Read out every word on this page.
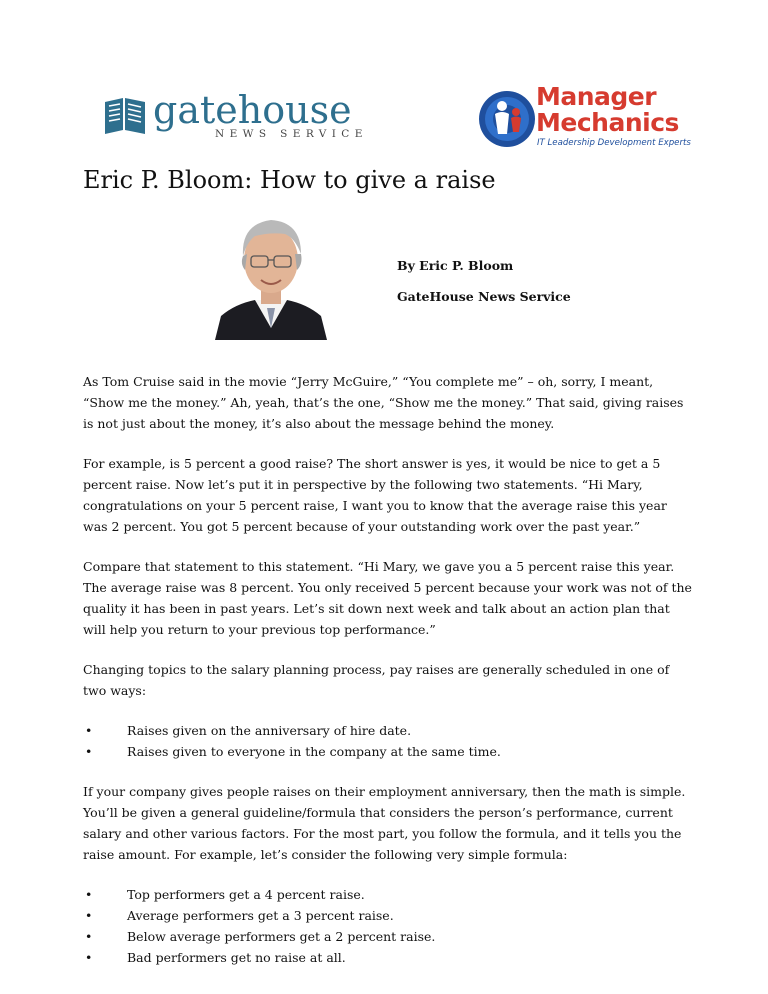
gatehouse
NEWS SERVICE
Manager
Mechanics
IT Leadership Development Experts
Eric P. Bloom: How to give a raise
By Eric P. Bloom
GateHouse News Service

As Tom Cruise said in the movie “Jerry McGuire,” “You complete me” – oh, sorry, I meant, “Show me the money.” Ah, yeah, that’s the one, “Show me the money.” That said, giving raises is not just about the money, it’s also about the message behind the money.

For example, is 5 percent a good raise? The short answer is yes, it would be nice to get a 5 percent raise. Now let’s put it in perspective by the following two statements. “Hi Mary, congratulations on your 5 percent raise, I want you to know that the average raise this year was 2 percent. You got 5 percent because of your outstanding work over the past year.”

Compare that statement to this statement. “Hi Mary, we gave you a 5 percent raise this year. The average raise was 8 percent. You only received 5 percent because your work was not of the quality it has been in past years. Let’s sit down next week and talk about an action plan that will help you return to your previous top performance.”

Changing topics to the salary planning process, pay raises are generally scheduled in one of two ways:

•	Raises given on the anniversary of hire date.
•	Raises given to everyone in the company at the same time.

If your company gives people raises on their employment anniversary, then the math is simple. You’ll be given a general guideline/formula that considers the person’s performance, current salary and other various factors. For the most part, you follow the formula, and it tells you the raise amount. For example, let’s consider the following very simple formula:

•	Top performers get a 4 percent raise.
•	Average performers get a 3 percent raise.
•	Below average performers get a 2 percent raise.
•	Bad performers get no raise at all.
